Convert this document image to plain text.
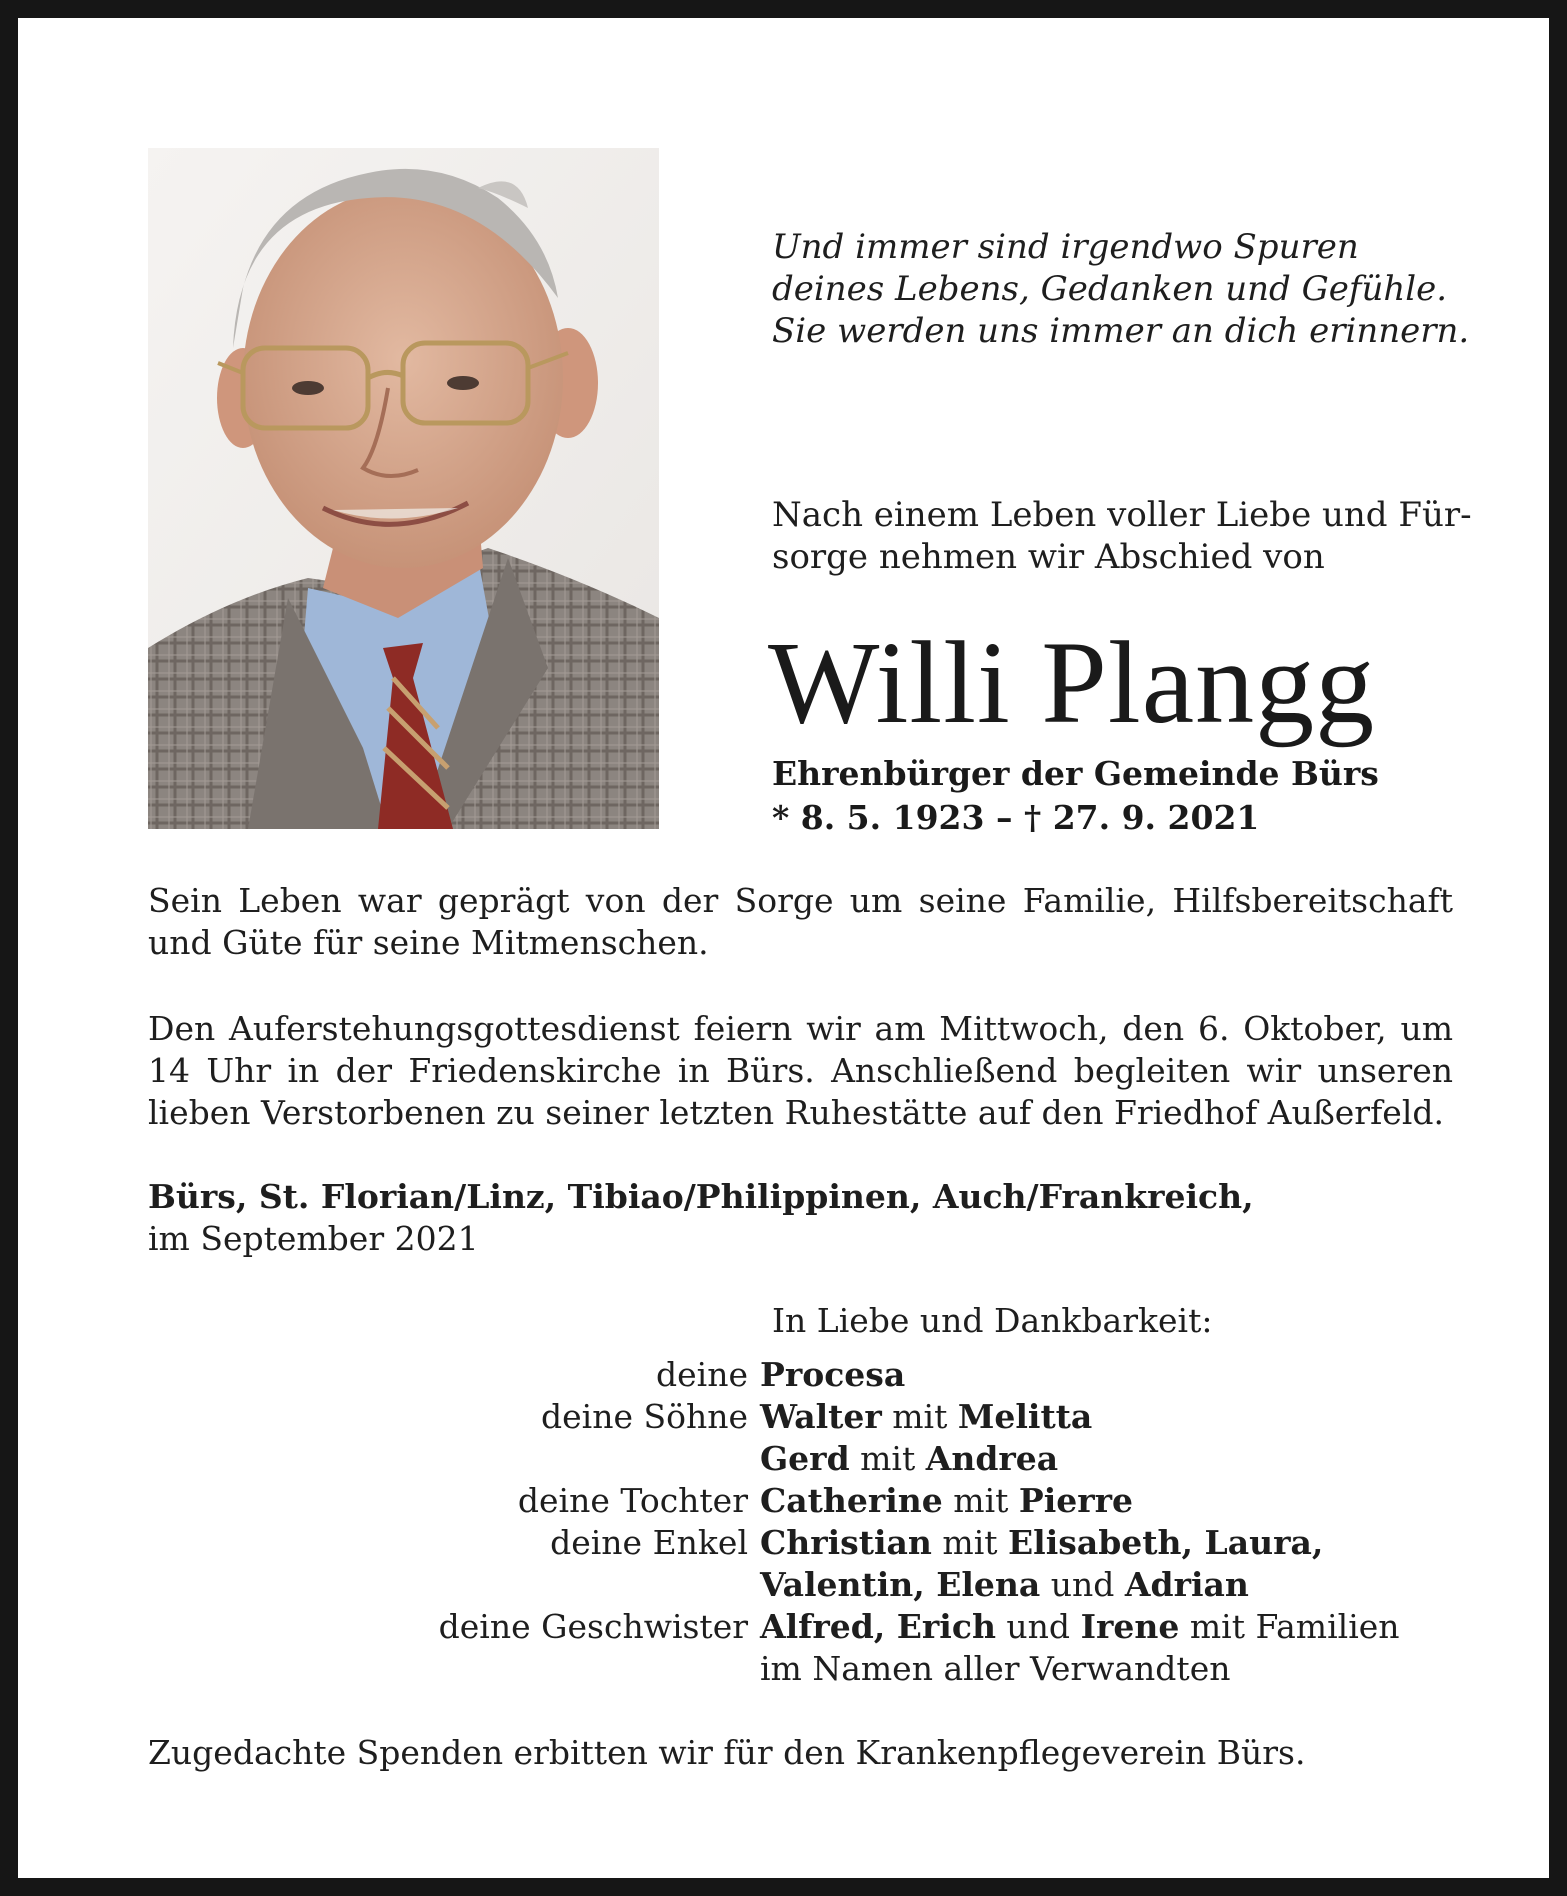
Und immer sind irgendwo Spuren
deines Lebens, Gedanken und Gefühle.
Sie werden uns immer an dich erinnern.
Nach einem Leben voller Liebe und Für-
sorge nehmen wir Abschied von
Willi Plangg
Ehrenbürger der Gemeinde Bürs
* 8. 5. 1923 – † 27. 9. 2021
Sein Leben war geprägt von der Sorge um seine Familie, Hilfsbereitschaft
und Güte für seine Mitmenschen.
Den Auferstehungsgottesdienst feiern wir am Mittwoch, den 6. Oktober, um
14 Uhr in der Friedenskirche in Bürs. Anschließend begleiten wir unseren
lieben Verstorbenen zu seiner letzten Ruhestätte auf den Friedhof Außerfeld.
Bürs, St. Florian/Linz, Tibiao/Philippinen, Auch/Frankreich,
im September 2021
In Liebe und Dankbarkeit:
deine Procesa
deine Söhne Walter mit Melitta
Gerd mit Andrea
deine Tochter Catherine mit Pierre
deine Enkel Christian mit Elisabeth, Laura,
Valentin, Elena und Adrian
deine Geschwister Alfred, Erich und Irene mit Familien
im Namen aller Verwandten
Zugedachte Spenden erbitten wir für den Krankenpflegeverein Bürs.
